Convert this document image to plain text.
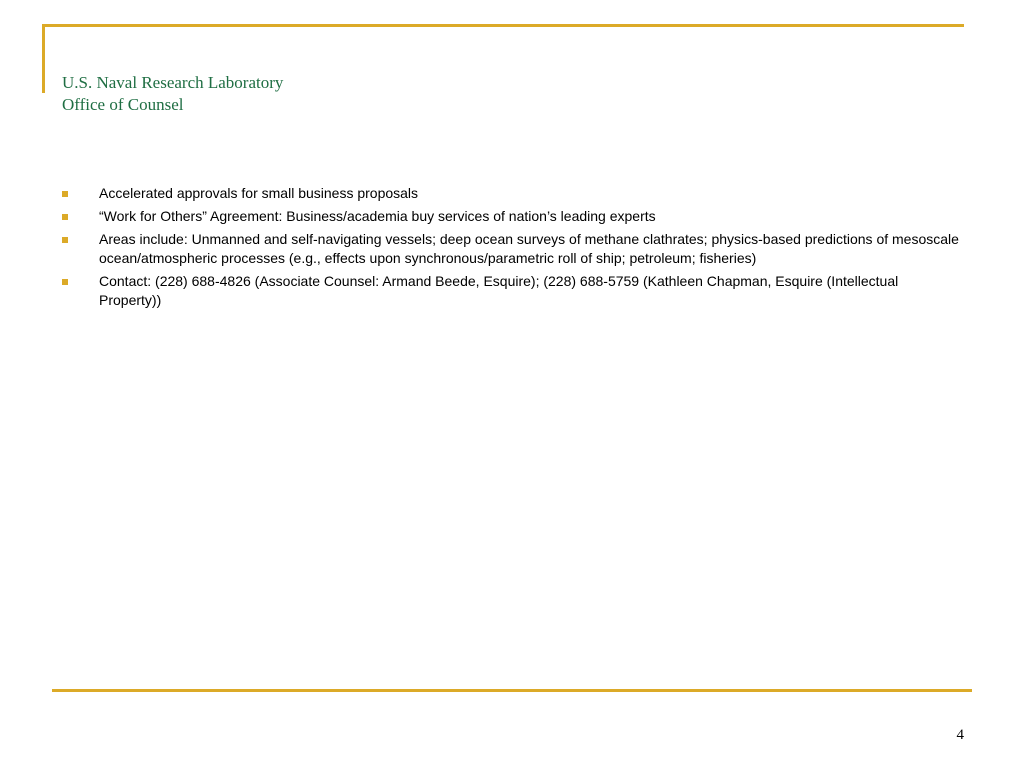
U.S. Naval Research Laboratory
Office of Counsel
Accelerated approvals for small business proposals
“Work for Others” Agreement: Business/academia buy services of nation’s leading experts
Areas include: Unmanned and self-navigating vessels; deep ocean surveys of methane clathrates; physics-based predictions of mesoscale ocean/atmospheric processes (e.g., effects upon synchronous/parametric roll of ship; petroleum; fisheries)
Contact: (228) 688-4826 (Associate Counsel: Armand Beede, Esquire); (228) 688-5759 (Kathleen Chapman, Esquire (Intellectual Property))
4
